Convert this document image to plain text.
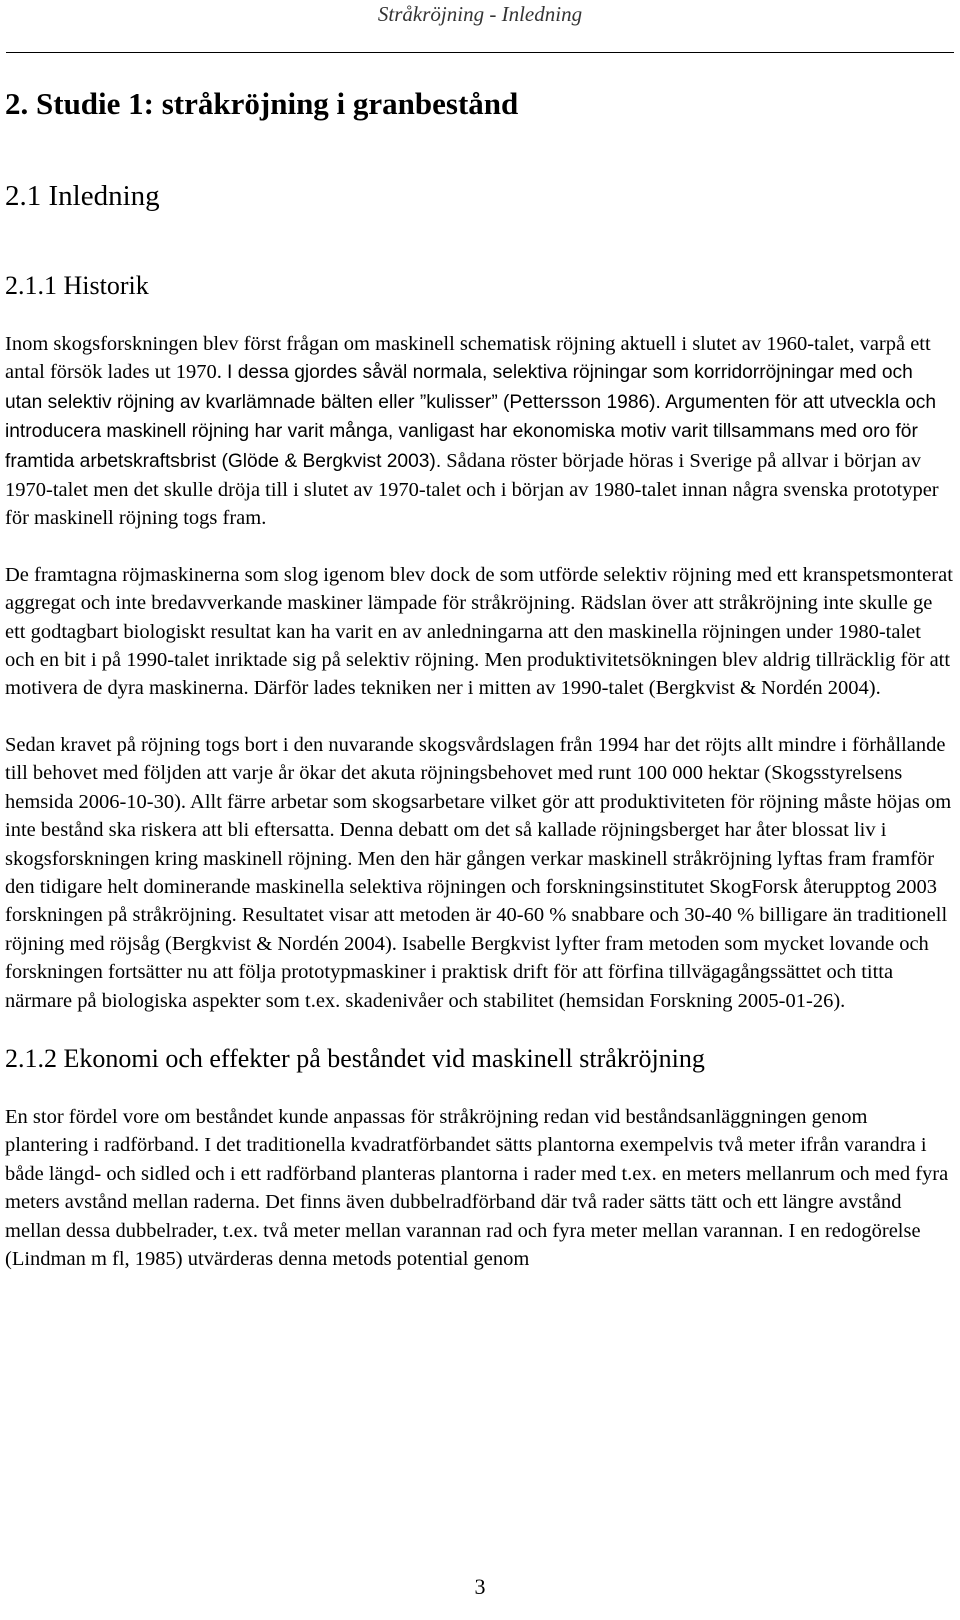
Stråkröjning - Inledning
2. Studie 1: stråkröjning i granbestånd
2.1 Inledning
2.1.1 Historik

Inom skogsforskningen blev först frågan om maskinell schematisk röjning aktuell i slutet av 1960-talet, varpå ett antal försök lades ut 1970. I dessa gjordes såväl normala, selektiva röjningar som korridorröjningar med och utan selektiv röjning av kvarlämnade bälten eller ”kulisser” (Pettersson 1986). Argumenten för att utveckla och introducera maskinell röjning har varit många, vanligast har ekonomiska motiv varit tillsammans med oro för framtida arbetskraftsbrist (Glöde & Bergkvist 2003). Sådana röster började höras i Sverige på allvar i början av 1970-talet men det skulle dröja till i slutet av 1970-talet och i början av 1980-talet innan några svenska prototyper för maskinell röjning togs fram.

De framtagna röjmaskinerna som slog igenom blev dock de som utförde selektiv röjning med ett kranspetsmonterat aggregat och inte bredavverkande maskiner lämpade för stråkröjning. Rädslan över att stråkröjning inte skulle ge ett godtagbart biologiskt resultat kan ha varit en av anledningarna att den maskinella röjningen under 1980-talet och en bit i på 1990-talet inriktade sig på selektiv röjning. Men produktivitetsökningen blev aldrig tillräcklig för att motivera de dyra maskinerna. Därför lades tekniken ner i mitten av 1990-talet (Bergkvist & Nordén 2004).

Sedan kravet på röjning togs bort i den nuvarande skogsvårdslagen från 1994 har det röjts allt mindre i förhållande till behovet med följden att varje år ökar det akuta röjningsbehovet med runt 100 000 hektar (Skogsstyrelsens hemsida 2006-10-30). Allt färre arbetar som skogsarbetare vilket gör att produktiviteten för röjning måste höjas om inte bestånd ska riskera att bli eftersatta. Denna debatt om det så kallade röjningsberget har åter blossat liv i skogsforskningen kring maskinell röjning. Men den här gången verkar maskinell stråkröjning lyftas fram framför den tidigare helt dominerande maskinella selektiva röjningen och forskningsinstitutet SkogForsk återupptog 2003 forskningen på stråkröjning. Resultatet visar att metoden är 40-60 % snabbare och 30-40 % billigare än traditionell röjning med röjsåg (Bergkvist & Nordén 2004). Isabelle Bergkvist lyfter fram metoden som mycket lovande och forskningen fortsätter nu att följa prototypmaskiner i praktisk drift för att förfina tillvägagångssättet och titta närmare på biologiska aspekter som t.ex. skadenivåer och stabilitet (hemsidan Forskning 2005-01-26).

2.1.2 Ekonomi och effekter på beståndet vid maskinell stråkröjning

En stor fördel vore om beståndet kunde anpassas för stråkröjning redan vid beståndsanläggningen genom plantering i radförband. I det traditionella kvadratförbandet sätts plantorna exempelvis två meter ifrån varandra i både längd- och sidled och i ett radförband planteras plantorna i rader med t.ex. en meters mellanrum och med fyra meters avstånd mellan raderna. Det finns även dubbelradförband där två rader sätts tätt och ett längre avstånd mellan dessa dubbelrader, t.ex. två meter mellan varannan rad och fyra meter mellan varannan. I en redogörelse (Lindman m fl, 1985) utvärderas denna metods potential genom

3
